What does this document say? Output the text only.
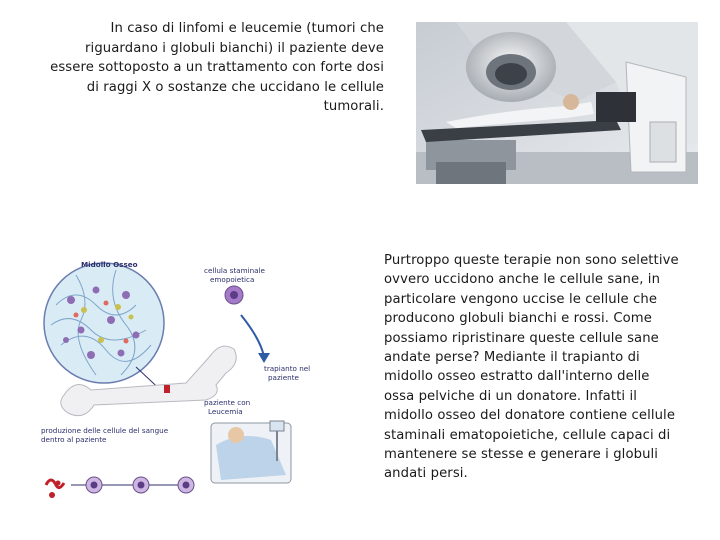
In caso di linfomi e leucemie (tumori che riguardano i globuli bianchi) il paziente deve essere sottoposto a un trattamento con forte dosi di raggi X o sostanze che uccidano le cellule tumorali.
Midollo Osseo
cellula staminale
emopoietica
trapianto nel
paziente
paziente con
Leucemia
produzione delle cellule del sangue
dentro al paziente
Purtroppo queste terapie non sono selettive ovvero uccidono anche le cellule sane, in particolare vengono uccise le cellule che producono globuli bianchi e rossi. Come possiamo ripristinare queste cellule sane andate perse? Mediante il trapianto di midollo osseo estratto dall'interno delle ossa pelviche di un donatore. Infatti il midollo osseo del donatore contiene cellule staminali ematopoietiche, cellule capaci di mantenere se stesse e generare i globuli andati persi.
